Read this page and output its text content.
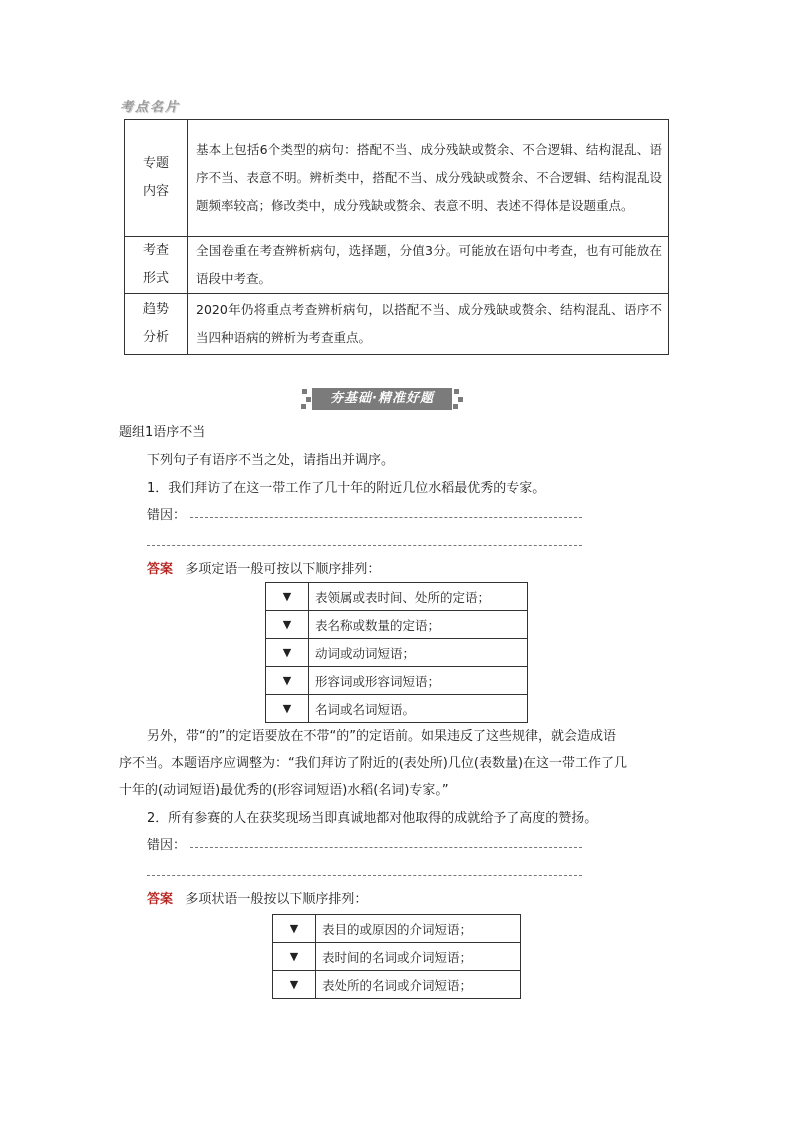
考点名片
专题
内容	基本上包括6个类型的病句：搭配不当、成分残缺或赘余、不合逻辑、结构混乱、语序不当、表意不明。辨析类中，搭配不当、成分残缺或赘余、不合逻辑、结构混乱设题频率较高；修改类中，成分残缺或赘余、表意不明、表述不得体是设题重点。

考查
形式	全国卷重在考查辨析病句，选择题，分值3分。可能放在语句中考查，也有可能放在语段中考查。

趋势
分析	2020年仍将重点考查辨析病句，以搭配不当、成分残缺或赘余、结构混乱、语序不当四种语病的辨析为考查重点。
夯基础·精准好题
题组1语序不当
下列句子有语序不当之处，请指出并调序。
1．我们拜访了在这一带工作了几十年的附近几位水稻最优秀的专家。
错因：
答案 多项定语一般可按以下顺序排列：
▼	表领属或表时间、处所的定语；
▼	表名称或数量的定语；
▼	动词或动词短语；
▼	形容词或形容词短语；
▼	名词或名词短语。
另外，带“的”的定语要放在不带“的”的定语前。如果违反了这些规律，就会造成语
序不当。本题语序应调整为：“我们拜访了附近的(表处所)几位(表数量)在这一带工作了几
十年的(动词短语)最优秀的(形容词短语)水稻(名词)专家。”
2．所有参赛的人在获奖现场当即真诚地都对他取得的成就给予了高度的赞扬。
错因：
答案 多项状语一般按以下顺序排列：
▼	表目的或原因的介词短语；
▼	表时间的名词或介词短语；
▼	表处所的名词或介词短语；
